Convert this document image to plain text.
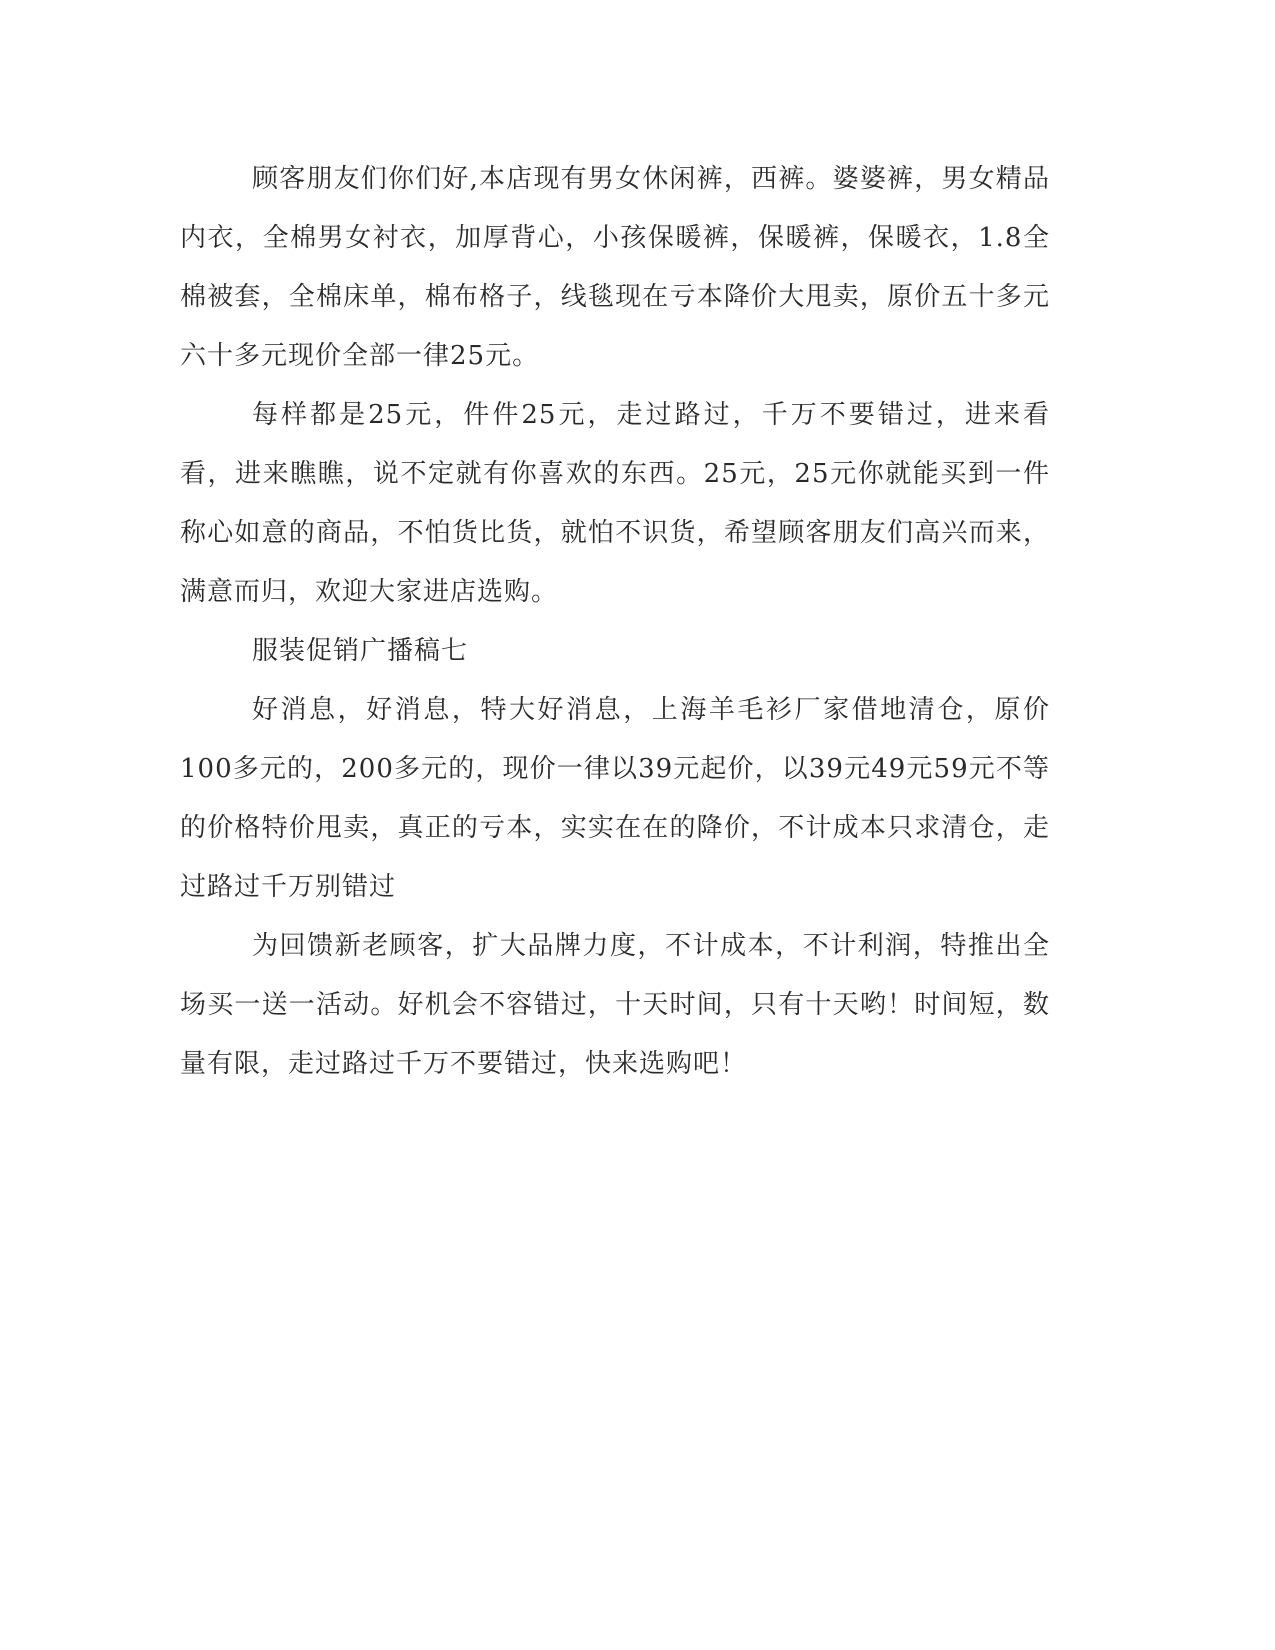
顾客朋友们你们好,本店现有男女休闲裤，西裤。婆婆裤，男女精品内衣，全棉男女衬衣，加厚背心，小孩保暖裤，保暖裤，保暖衣，1.8全棉被套，全棉床单，棉布格子，线毯现在亏本降价大甩卖，原价五十多元六十多元现价全部一律25元。

每样都是25元，件件25元，走过路过，千万不要错过，进来看看，进来瞧瞧，说不定就有你喜欢的东西。25元，25元你就能买到一件称心如意的商品，不怕货比货，就怕不识货，希望顾客朋友们高兴而来，满意而归，欢迎大家进店选购。

服装促销广播稿七

好消息，好消息，特大好消息，上海羊毛衫厂家借地清仓，原价100多元的，200多元的，现价一律以39元起价，以39元49元59元不等的价格特价甩卖，真正的亏本，实实在在的降价，不计成本只求清仓，走过路过千万别错过

为回馈新老顾客，扩大品牌力度，不计成本，不计利润，特推出全场买一送一活动。好机会不容错过，十天时间，只有十天哟！时间短，数量有限，走过路过千万不要错过，快来选购吧！
